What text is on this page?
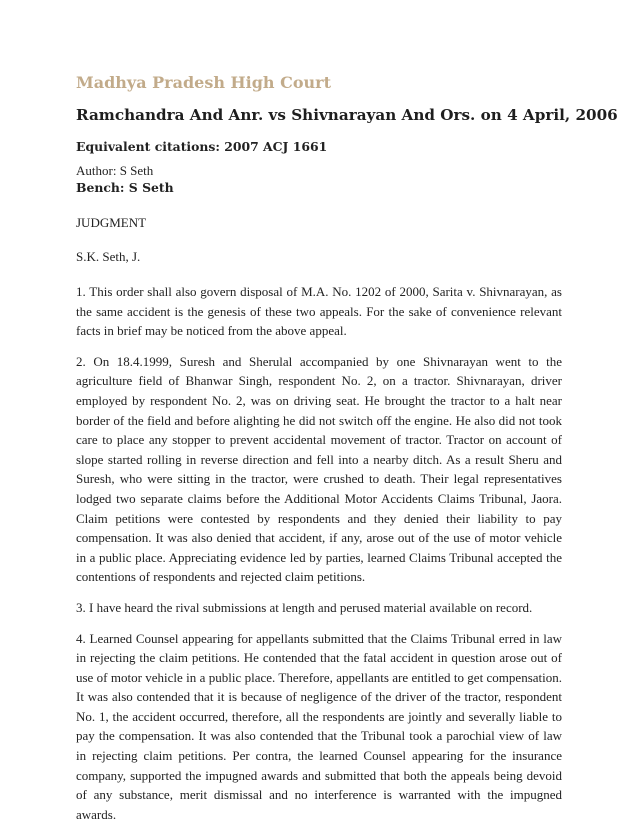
Madhya Pradesh High Court
Ramchandra And Anr. vs Shivnarayan And Ors. on 4 April, 2006
Equivalent citations: 2007 ACJ 1661
Author: S Seth
Bench: S Seth
JUDGMENT
S.K. Seth, J.

1. This order shall also govern disposal of M.A. No. 1202 of 2000, Sarita v. Shivnarayan, as the same accident is the genesis of these two appeals. For the sake of convenience relevant facts in brief may be noticed from the above appeal.

2. On 18.4.1999, Suresh and Sherulal accompanied by one Shivnarayan went to the agriculture field of Bhanwar Singh, respondent No. 2, on a tractor. Shivnarayan, driver employed by respondent No. 2, was on driving seat. He brought the tractor to a halt near border of the field and before alighting he did not switch off the engine. He also did not took care to place any stopper to prevent accidental movement of tractor. Tractor on account of slope started rolling in reverse direction and fell into a nearby ditch. As a result Sheru and Suresh, who were sitting in the tractor, were crushed to death. Their legal representatives lodged two separate claims before the Additional Motor Accidents Claims Tribunal, Jaora. Claim petitions were contested by respondents and they denied their liability to pay compensation. It was also denied that accident, if any, arose out of the use of motor vehicle in a public place. Appreciating evidence led by parties, learned Claims Tribunal accepted the contentions of respondents and rejected claim petitions.

3. I have heard the rival submissions at length and perused material available on record.

4. Learned Counsel appearing for appellants submitted that the Claims Tribunal erred in law in rejecting the claim petitions. He contended that the fatal accident in question arose out of use of motor vehicle in a public place. Therefore, appellants are entitled to get compensation. It was also contended that it is because of negligence of the driver of the tractor, respondent No. 1, the accident occurred, therefore, all the respondents are jointly and severally liable to pay the compensation. It was also contended that the Tribunal took a parochial view of law in rejecting claim petitions. Per contra, the learned Counsel appearing for the insurance company, supported the impugned awards and submitted that both the appeals being devoid of any substance, merit dismissal and no interference is warranted with the impugned awards.
